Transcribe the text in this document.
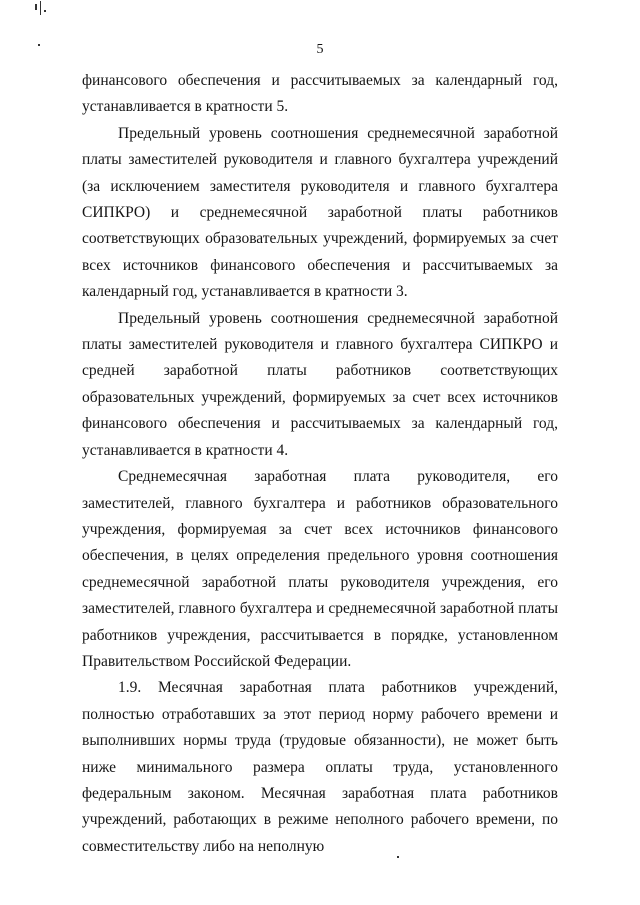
5

финансового обеспечения и рассчитываемых за календарный год, устанавливается в кратности 5.

Предельный уровень соотношения среднемесячной заработной платы заместителей руководителя и главного бухгалтера учреждений (за исключением заместителя руководителя и главного бухгалтера СИПКРО) и среднемесячной заработной платы работников соответствующих образовательных учреждений, формируемых за счет всех источников финансового обеспечения и рассчитываемых за календарный год, устанавливается в кратности 3.

Предельный уровень соотношения среднемесячной заработной платы заместителей руководителя и главного бухгалтера СИПКРО и средней заработной платы работников соответствующих образовательных учреждений, формируемых за счет всех источников финансового обеспечения и рассчитываемых за календарный год, устанавливается в кратности 4.

Среднемесячная заработная плата руководителя, его заместителей, главного бухгалтера и работников образовательного учреждения, формируемая за счет всех источников финансового обеспечения, в целях определения предельного уровня соотношения среднемесячной заработной платы руководителя учреждения, его заместителей, главного бухгалтера и среднемесячной заработной платы работников учреждения, рассчитывается в порядке, установленном Правительством Российской Федерации.

1.9. Месячная заработная плата работников учреждений, полностью отработавших за этот период норму рабочего времени и выполнивших нормы труда (трудовые обязанности), не может быть ниже минимального размера оплаты труда, установленного федеральным законом. Месячная заработная плата работников учреждений, работающих в режиме неполного рабочего времени, по совместительству либо на неполную
